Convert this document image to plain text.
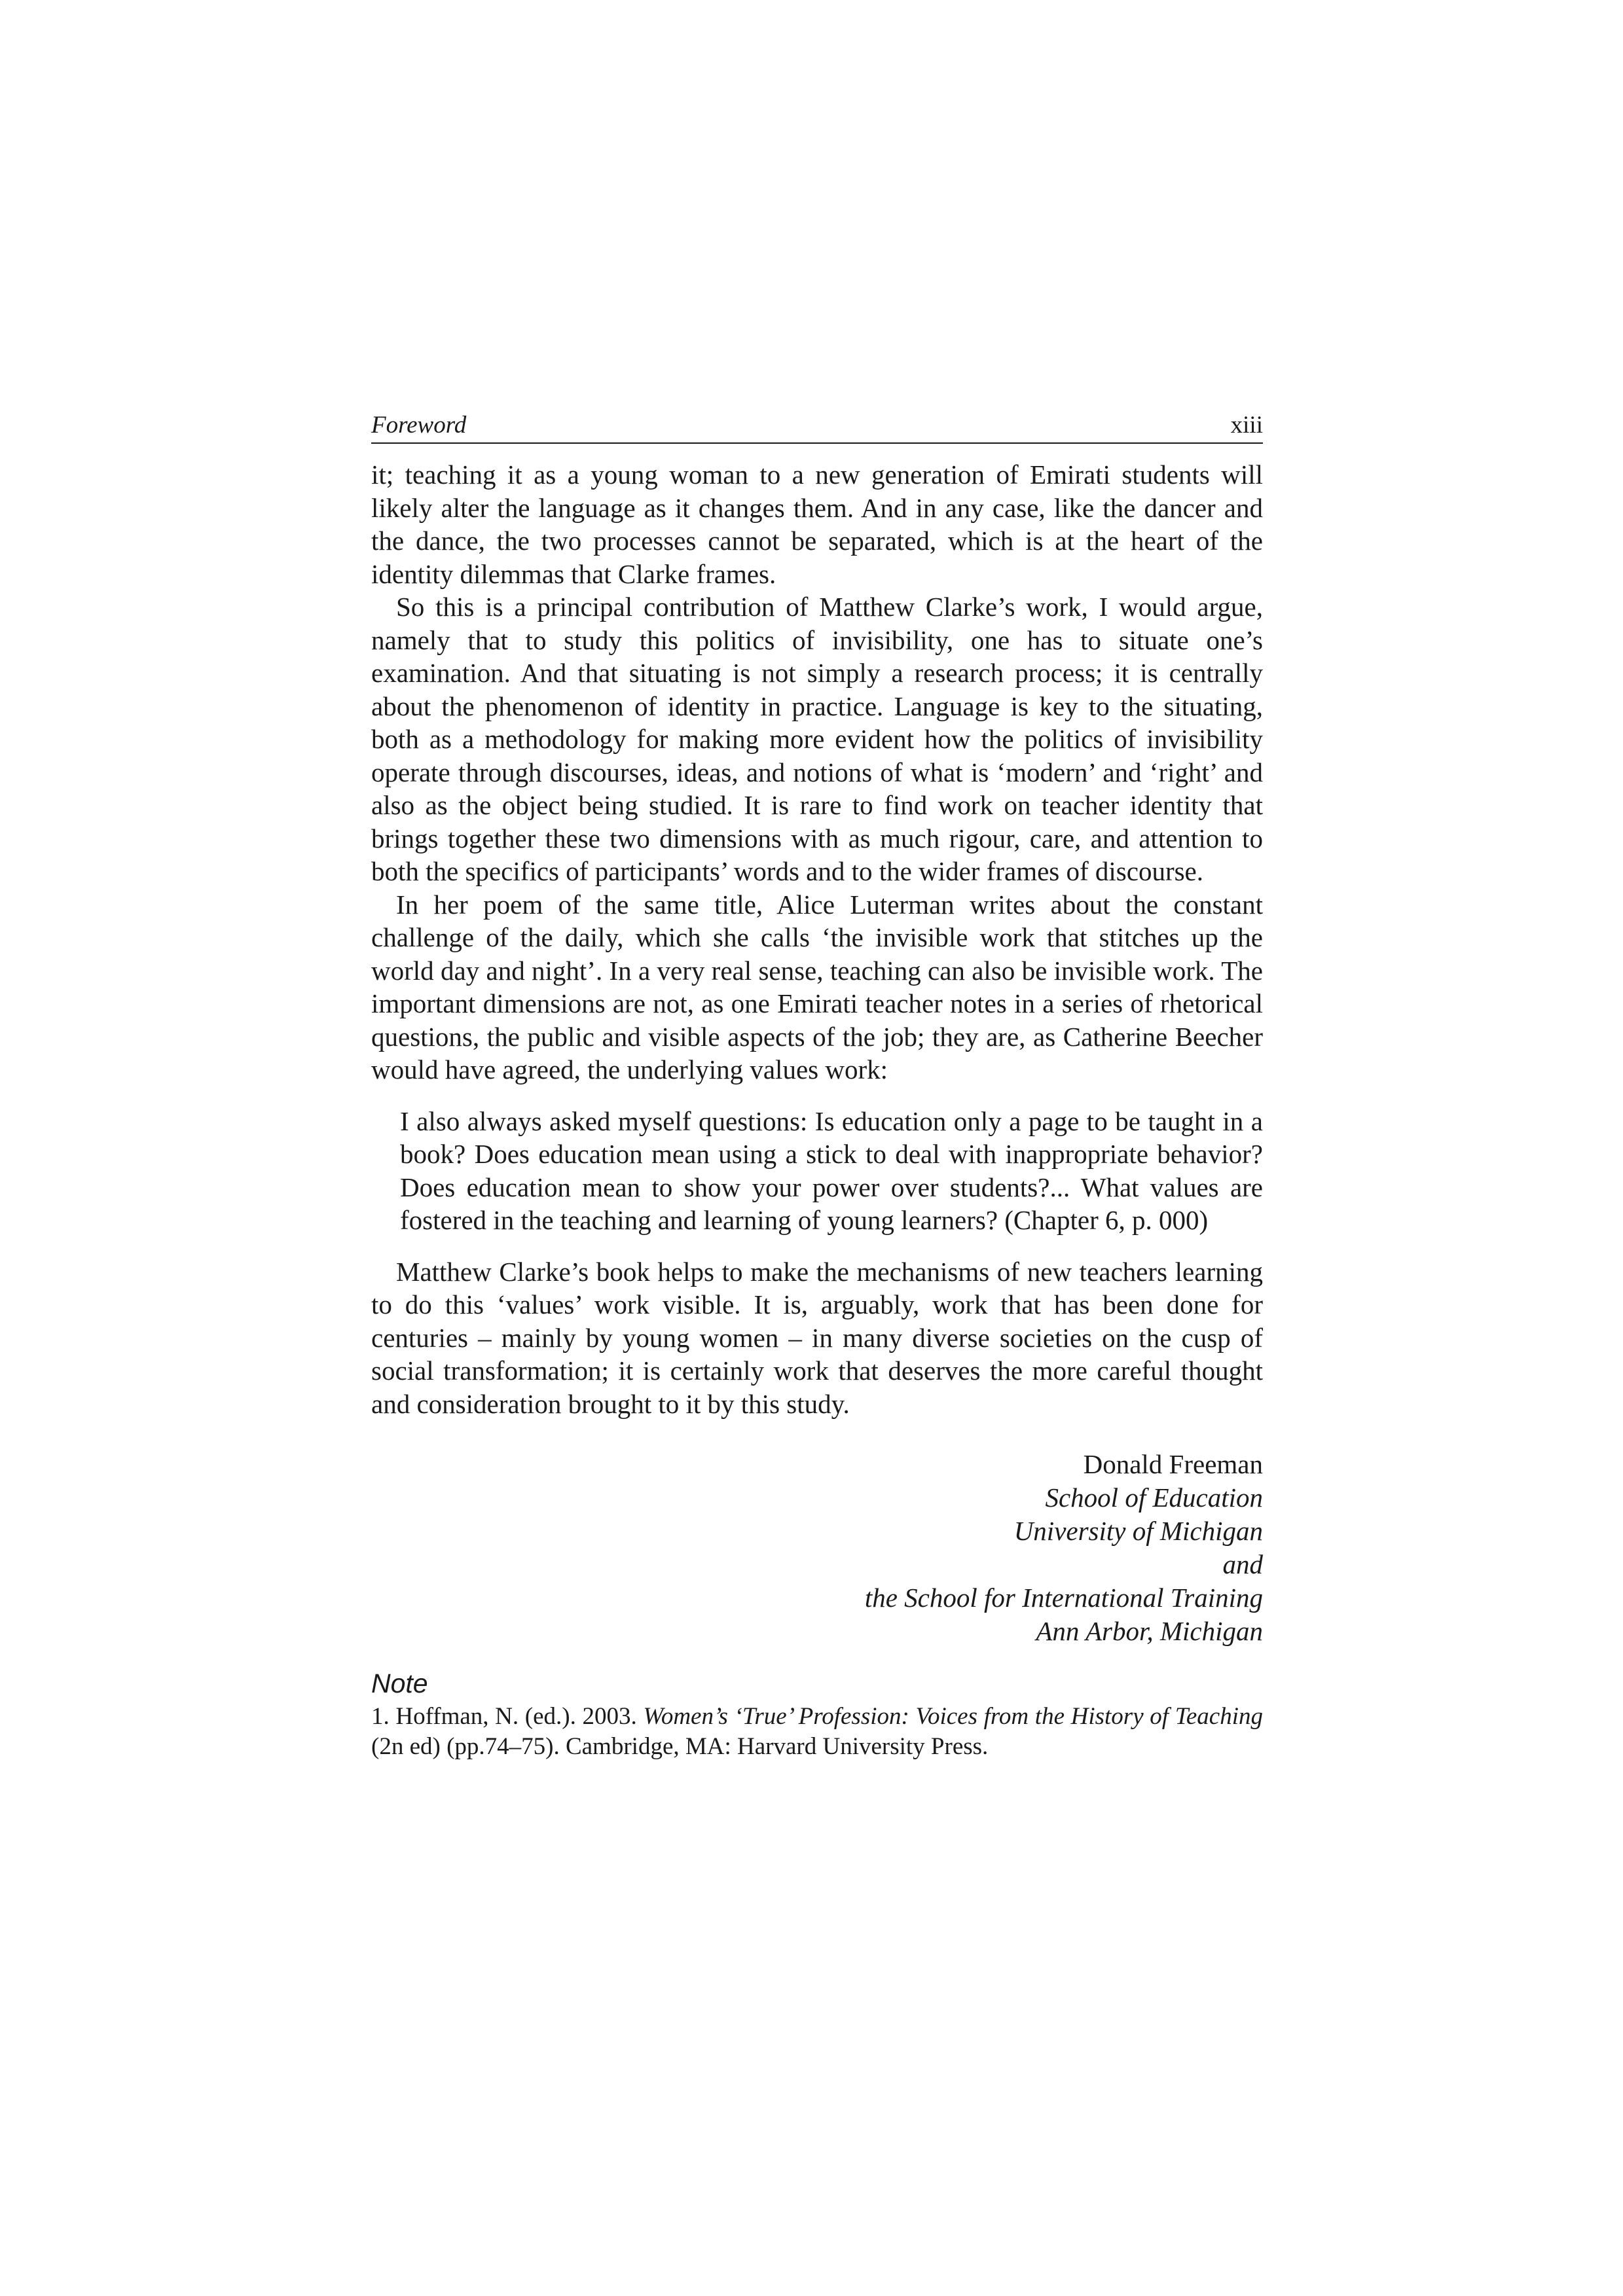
Foreword	xiii

it; teaching it as a young woman to a new generation of Emirati students will likely alter the language as it changes them. And in any case, like the dancer and the dance, the two processes cannot be separated, which is at the heart of the identity dilemmas that Clarke frames.

So this is a principal contribution of Matthew Clarke’s work, I would argue, namely that to study this politics of invisibility, one has to situate one’s examination. And that situating is not simply a research process; it is centrally about the phenomenon of identity in practice. Language is key to the situating, both as a methodology for making more evident how the politics of invisibility operate through discourses, ideas, and notions of what is ‘modern’ and ‘right’ and also as the object being studied. It is rare to find work on teacher identity that brings together these two dimensions with as much rigour, care, and attention to both the specifics of participants’ words and to the wider frames of discourse.

In her poem of the same title, Alice Luterman writes about the constant challenge of the daily, which she calls ‘the invisible work that stitches up the world day and night’. In a very real sense, teaching can also be invisible work. The important dimensions are not, as one Emirati teacher notes in a series of rhetorical questions, the public and visible aspects of the job; they are, as Catherine Beecher would have agreed, the underlying values work:

I also always asked myself questions: Is education only a page to be taught in a book? Does education mean using a stick to deal with inappropriate behavior? Does education mean to show your power over students?... What values are fostered in the teaching and learning of young learners? (Chapter 6, p. 000)

Matthew Clarke’s book helps to make the mechanisms of new teachers learning to do this ‘values’ work visible. It is, arguably, work that has been done for centuries – mainly by young women – in many diverse societies on the cusp of social transformation; it is certainly work that deserves the more careful thought and consideration brought to it by this study.

Donald Freeman
School of Education
University of Michigan
and
the School for International Training
Ann Arbor, Michigan
Note
1. Hoffman, N. (ed.). 2003. Women’s ‘True’ Profession: Voices from the History of Teaching (2n ed) (pp.74–75). Cambridge, MA: Harvard University Press.
